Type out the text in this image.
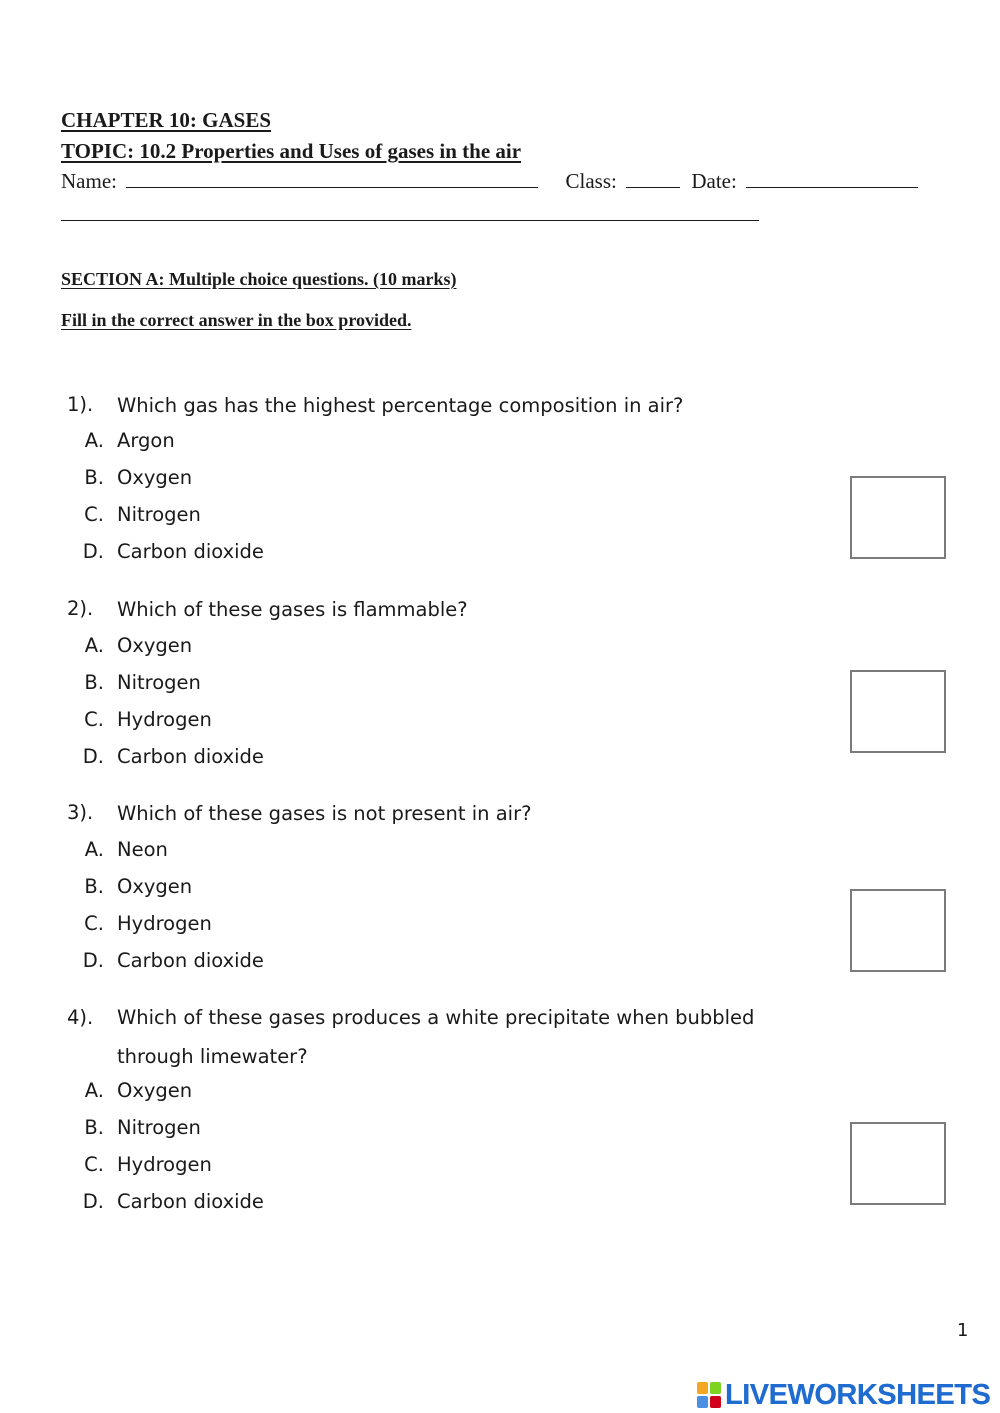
CHAPTER 10: GASES
TOPIC: 10.2 Properties and Uses of gases in the air
Name:	Class:	Date:
SECTION A: Multiple choice questions. (10 marks)
Fill in the correct answer in the box provided.
1). Which gas has the highest percentage composition in air?
A. Argon
B. Oxygen
C. Nitrogen
D. Carbon dioxide
2). Which of these gases is flammable?
A. Oxygen
B. Nitrogen
C. Hydrogen
D. Carbon dioxide
3). Which of these gases is not present in air?
A. Neon
B. Oxygen
C. Hydrogen
D. Carbon dioxide
4). Which of these gases produces a white precipitate when bubbled through limewater?
A. Oxygen
B. Nitrogen
C. Hydrogen
D. Carbon dioxide
1
LIVEWORKSHEETS
